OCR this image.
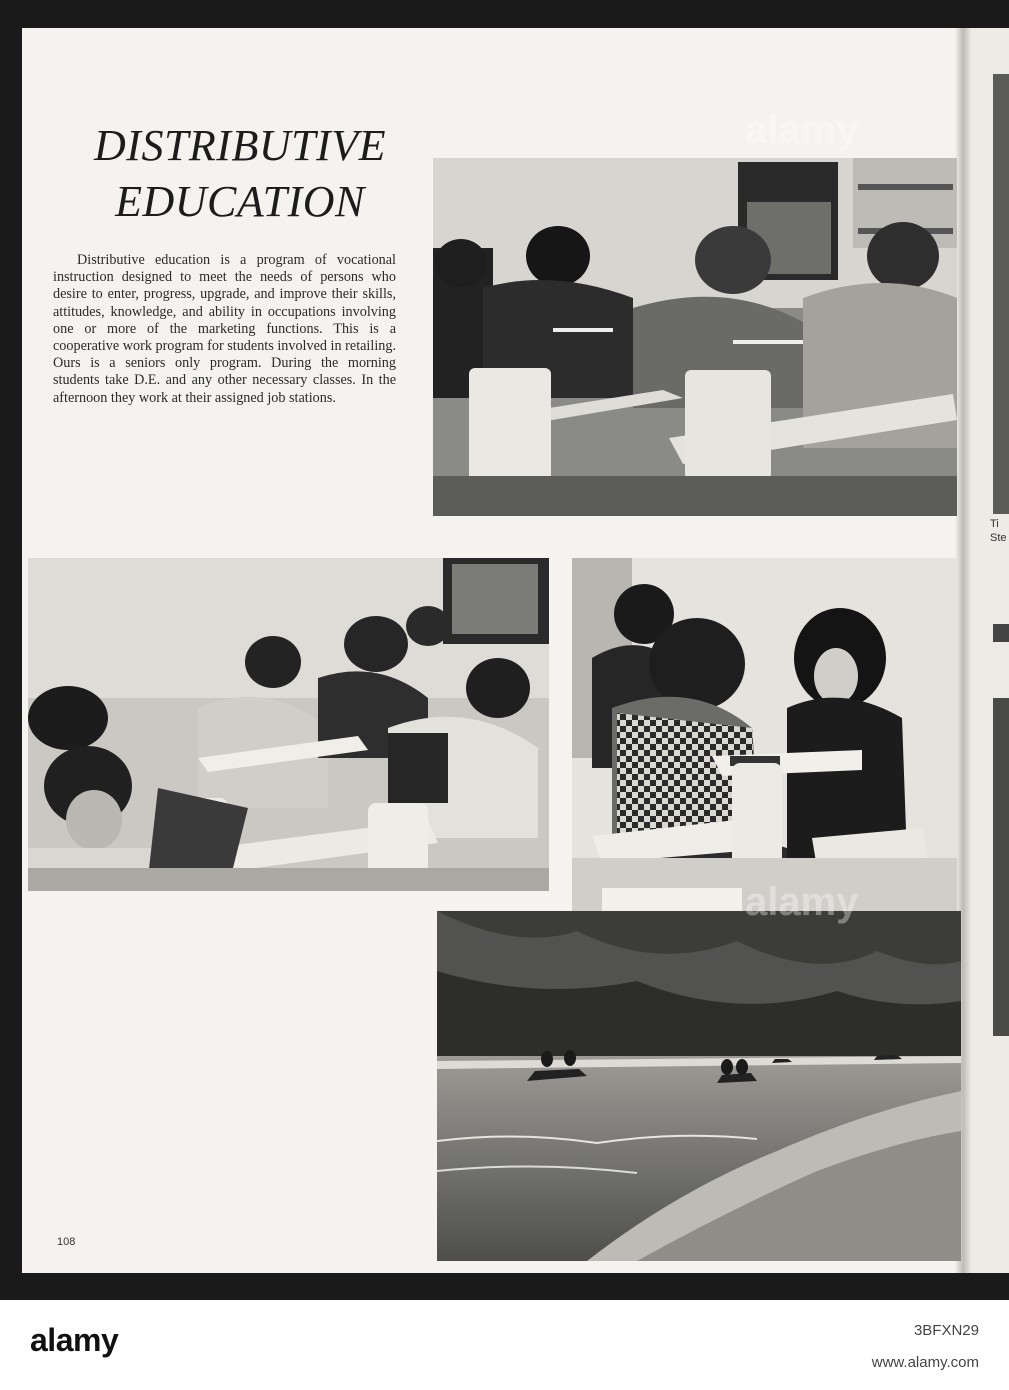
Ti
Ste
DISTRIBUTIVE
EDUCATION

Distributive education is a program of vocational instruction designed to meet the needs of persons who desire to enter, progress, upgrade, and improve their skills, attitudes, knowledge, and ability in occupations involving one or more of the marketing functions. This is a cooperative work program for students involved in retailing. Ours is a seniors only program. During the morning students take D.E. and any other necessary classes. In the afternoon they work at their assigned job stations.

108
alamy
alamy
alamy	3BFXN29
www.alamy.com
